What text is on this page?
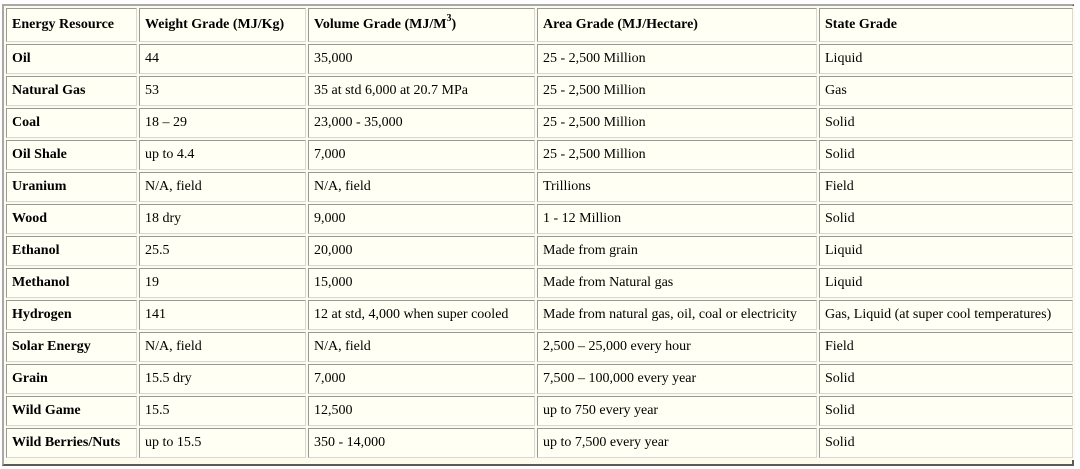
Energy Resource	Weight Grade (MJ/Kg)	Volume Grade $(MJ/M^3)$	Area Grade (MJ/Hectare)	State Grade
Oil	44	35,000	25 - 2,500 Million	Liquid
Natural Gas	53	35 at std 6,000 at 20.7 MPa	25 - 2,500 Million	Gas
Coal	18 – 29	23,000 - 35,000	25 - 2,500 Million	Solid
Oil Shale	up to 4.4	7,000	25 - 2,500 Million	Solid
Uranium	N/A, field	N/A, field	Trillions	Field
Wood	18 dry	9,000	1 - 12 Million	Solid
Ethanol	25.5	20,000	Made from grain	Liquid
Methanol	19	15,000	Made from Natural gas	Liquid
Hydrogen	141	12 at std, 4,000 when super cooled	Made from natural gas, oil, coal or electricity	Gas, Liquid (at super cool temperatures)
Solar Energy	N/A, field	N/A, field	2,500 – 25,000 every hour	Field
Grain	15.5 dry	7,000	7,500 – 100,000 every year	Solid
Wild Game	15.5	12,500	up to 750 every year	Solid
Wild Berries/Nuts	up to 15.5	350 - 14,000	up to 7,500 every year	Solid
